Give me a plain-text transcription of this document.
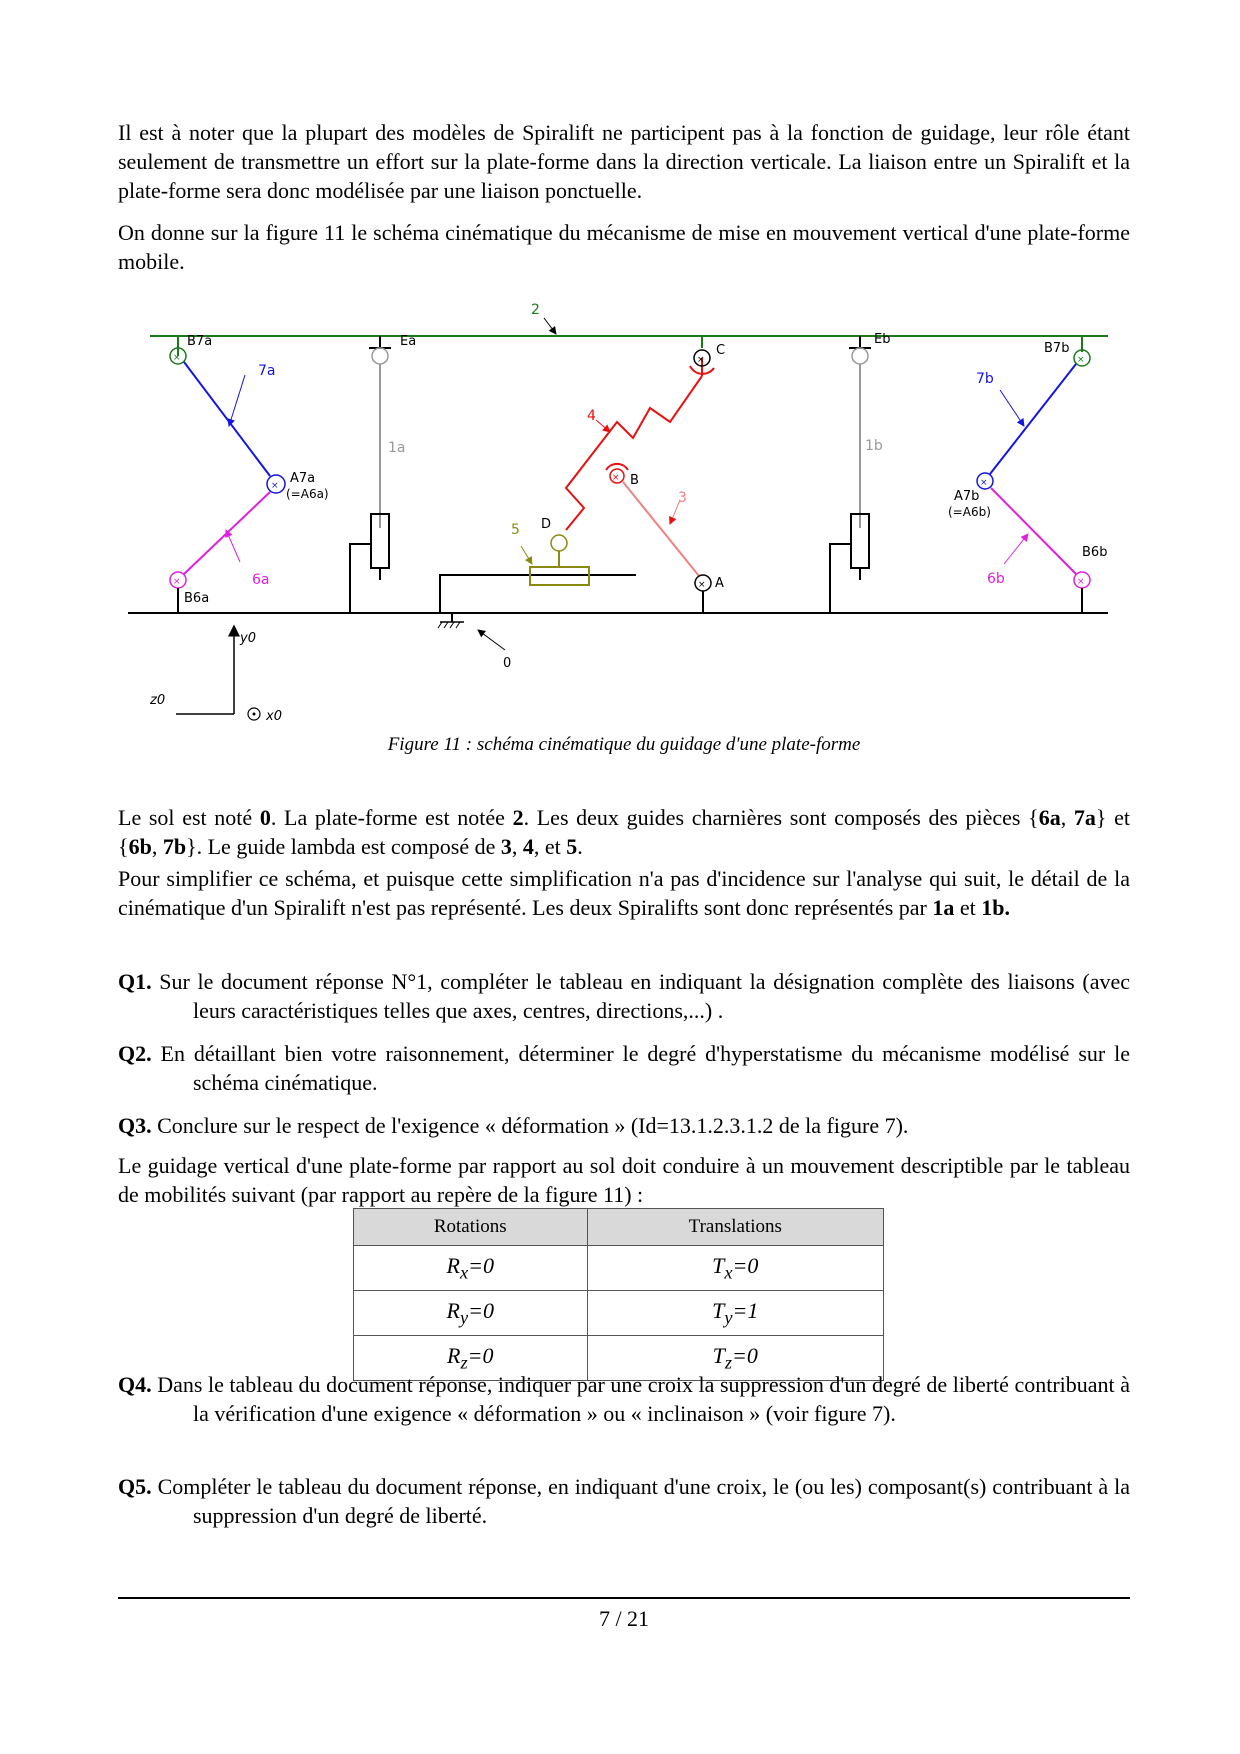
Il est à noter que la plupart des modèles de Spiralift ne participent pas à la fonction de guidage, leur rôle étant seulement de transmettre un effort sur la plate-forme dans la direction verticale. La liaison entre un Spiralift et la plate-forme sera donc modélisée par une liaison ponctuelle.

On donne sur la figure 11 le schéma cinématique du mécanisme de mise en mouvement vertical d'une plate-forme mobile.

2
×
×
×
B7a
7a
A7a
(=A6a)
6a
B6a
Ea
1a
5 D
4
×
C
×
×
B
3
A
0
Eb
1b
×
×
×
B7b
7b
A7b
(=A6b)
B6b
6b
y0
z0
x0
Figure 11 : schéma cinématique du guidage d'une plate-forme

Le sol est noté 0. La plate-forme est notée 2. Les deux guides charnières sont composés des pièces {6a, 7a} et {6b, 7b}. Le guide lambda est composé de 3, 4, et 5.

Pour simplifier ce schéma, et puisque cette simplification n'a pas d'incidence sur l'analyse qui suit, le détail de la cinématique d'un Spiralift n'est pas représenté. Les deux Spiralifts sont donc représentés par 1a et 1b.

Q1. Sur le document réponse N°1, compléter le tableau en indiquant la désignation complète des liaisons (avec leurs caractéristiques telles que axes, centres, directions,...) .

Q2. En détaillant bien votre raisonnement, déterminer le degré d'hyperstatisme du mécanisme modélisé sur le schéma cinématique.

Q3. Conclure sur le respect de l'exigence « déformation » (Id=13.1.2.3.1.2 de la figure 7).

Le guidage vertical d'une plate-forme par rapport au sol doit conduire à un mouvement descriptible par le tableau de mobilités suivant (par rapport au repère de la figure 11) :

Rotations	Translations
$R_x=0$	$T_x=0$
$R_y=0$	$T_y=1$
$R_z=0$	$T_z=0$

Q4. Dans le tableau du document réponse, indiquer par une croix la suppression d'un degré de liberté contribuant à la vérification d'une exigence « déformation » ou « inclinaison » (voir figure 7).

Q5. Compléter le tableau du document réponse, en indiquant d'une croix, le (ou les) composant(s) contribuant à la suppression d'un degré de liberté.

7 / 21
